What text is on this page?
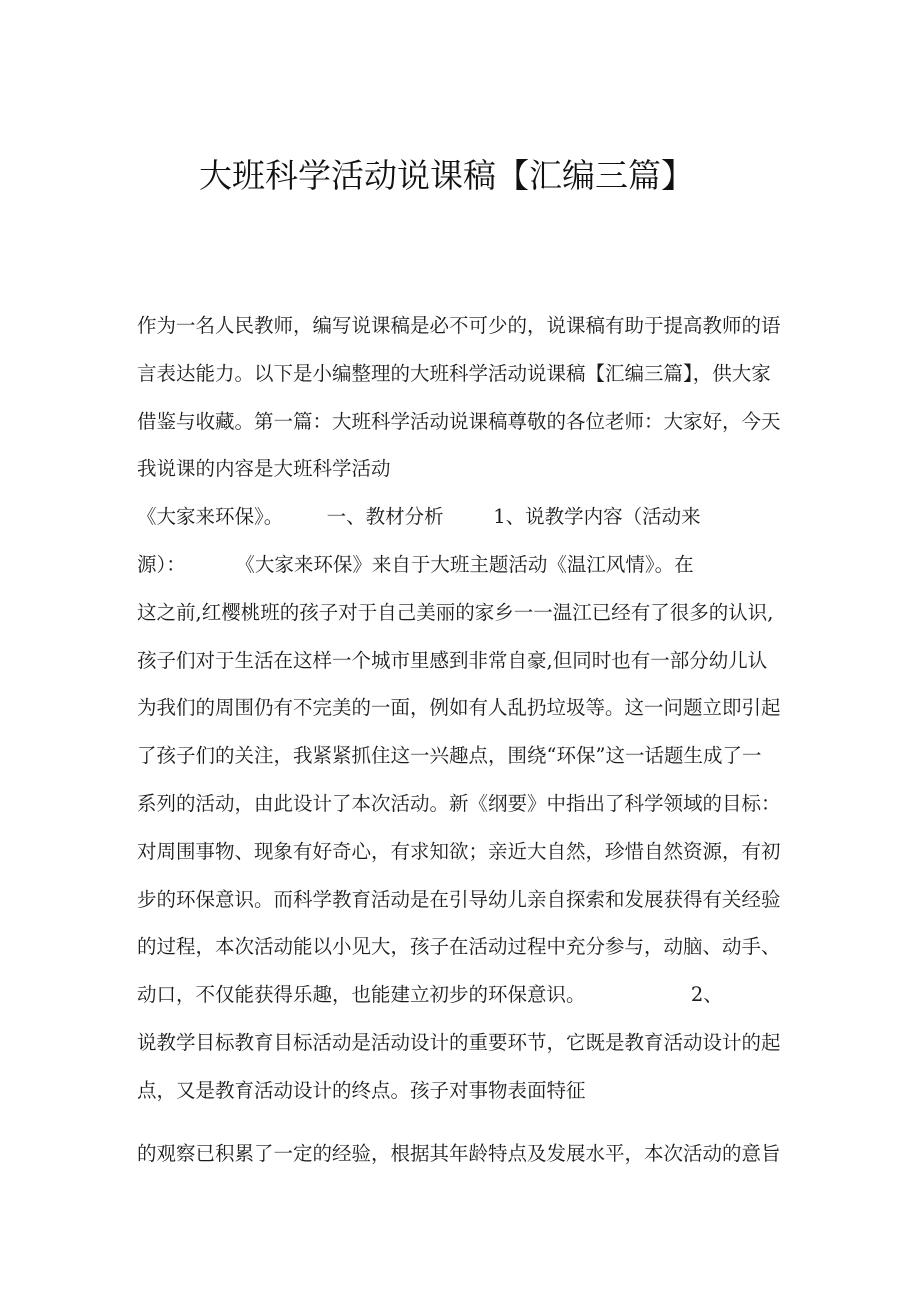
大班科学活动说课稿【汇编三篇】
作为一名人民教师，编写说课稿是必不可少的，说课稿有助于提高教师的语
言表达能力。以下是小编整理的大班科学活动说课稿【汇编三篇】，供大家
借鉴与收藏。第一篇：大班科学活动说课稿尊敬的各位老师：大家好，今天
我说课的内容是大班科学活动
《大家来环保》。       一、教材分析        1、说教学内容（活动来
源）：        《大家来环保》来自于大班主题活动《温江风情》。在
这之前,红樱桃班的孩子对于自己美丽的家乡一一温江已经有了很多的认识,
孩子们对于生活在这样一个城市里感到非常自豪,但同时也有一部分幼儿认
为我们的周围仍有不完美的一面，例如有人乱扔垃圾等。这一问题立即引起
了孩子们的关注，我紧紧抓住这一兴趣点，围绕“环保”这一话题生成了一
系列的活动，由此设计了本次活动。新《纲要》中指出了科学领域的目标：
对周围事物、现象有好奇心，有求知欲；亲近大自然，珍惜自然资源，有初
步的环保意识。而科学教育活动是在引导幼儿亲自探索和发展获得有关经验
的过程，本次活动能以小见大，孩子在活动过程中充分参与，动脑、动手、
动口，不仅能获得乐趣，也能建立初步的环保意识。                 2、
说教学目标教育目标活动是活动设计的重要环节，它既是教育活动设计的起
点，又是教育活动设计的终点。孩子对事物表面特征
的观察已积累了一定的经验，根据其年龄特点及发展水平，本次活动的意旨
